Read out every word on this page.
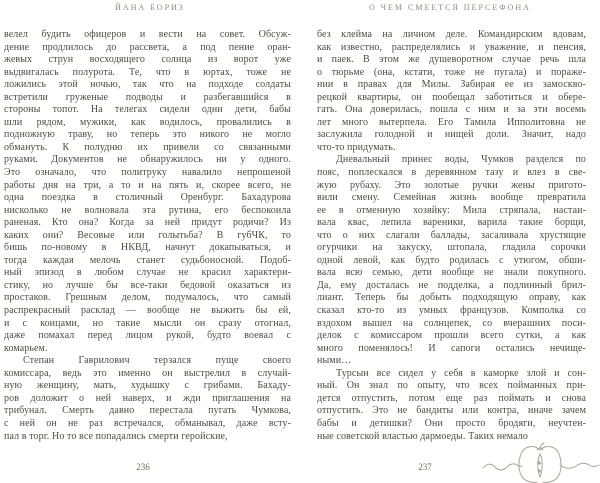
ЙАНА БОРИЗ
велел будить офицеров и вести на совет. Обсуж-
дение продлилось до рассвета, а под пение оран-
жевых струн восходящего солнца из ворот уже
выдвигалась полурота. Те, что в юртах, тоже не
ложились этой ночью, так что на подходе солдаты
встретили груженые подводы и разбегавшийся в
стороны топот. На телегах сидели одни дети, бабы
шли рядом, мужики, как водилось, провалились в
подножную траву, но теперь это никого не могло
обмануть. К полудню их привели со связанными
руками. Документов не обнаружилось ни у одного.
Это означало, что политруку навалило непрошеной
работы дня на три, а то и на пять и, скорее всего, не
одна поездка в столичный Оренбург. Бахадурова
нисколько не волновала эта рутина, его беспокоила
раненая. Кто она? Когда за ней придут родичи? Из
каких они? Весовые или голытьба? В губЧК, то
бишь по-новому в НКВД, начнут докапываться, и
тогда каждая мелочь станет судьбоносной. Подоб-
ный эпизод в любом случае не красил характери-
стику, но лучше бы все-таки бедовой оказаться из
простаков. Грешным делом, подумалось, что самый
распрекрасный расклад — вообще не выжить бы ей,
и с концами, но такие мысли он сразу отогнал,
даже помахал перед лицом рукой, будто воевал с
комарьем.
Степан Гаврилович терзался пуще своего
комиссара, ведь это именно он выстрелил в случай-
ную женщину, мать, худышку с грибами. Бахаду-
ров доложит о ней наверх, и жди приглашения на
трибунал. Смерть давно перестала пугать Чумкова,
с ней он не раз встречался, обманывал, даже всту-
пал в торг. Но то все попадались смерти геройские,
236
О ЧЕМ СМЕЕТСЯ ПЕРСЕФОНА
без клейма на личном деле. Командирским вдовам,
как известно, распределялись и уважение, и пенсия,
и паек. В этом же душеворотном случае речь шла
о тюрьме (она, кстати, тоже не пугала) и пораже-
нии в правах для Милы. Забирая ее из замоскво-
рецкой квартиры, он пообещал заботиться и обере-
гать. Она доверилась, пошла с ним и за эти восемь
лет много вытерпела. Его Тамила Ипполитовна не
заслужила голодной и нищей доли. Значит, надо
что-то придумать.
Дневальный принес воды, Чумков разделся по
пояс, поплескался в деревянном тазу и влез в све-
жую рубаху. Это золотые ручки жены пригото-
вили смену. Семейная жизнь вообще превратила
ее в отменную хозяйку: Мила стряпала, настаи-
вала квас, лепила вареники, варила такие борщи,
что о них слагали баллады, засаливала хрустящие
огурчики на закуску, штопала, гладила сорочки
одной левой, как будто родилась с утюгом, обши-
вала всю семью, дети вообще не знали покупного.
Да, ему досталась не подделка, а подлинный брил-
лиант. Теперь бы добыть подходящую оправу, как
сказал кто-то из умных французов. Комполка со
вздохом вышел на солнцепек, со вчерашних поси-
делок с комиссаром прошли всего сутки, а как
много поменялось! И сапоги остались нечище-
ными…
Турсын все сидел у себя в каморке злой и сон-
ный. Он знал по опыту, что всех пойманных при-
дется отпустить, потом еще раз поймать и снова
отпустить. Это не бандиты или контра, иначе зачем
бабы и детишки? Они просто бродяги, неучтен-
ные советской властью дармоеды. Таких немало
237
